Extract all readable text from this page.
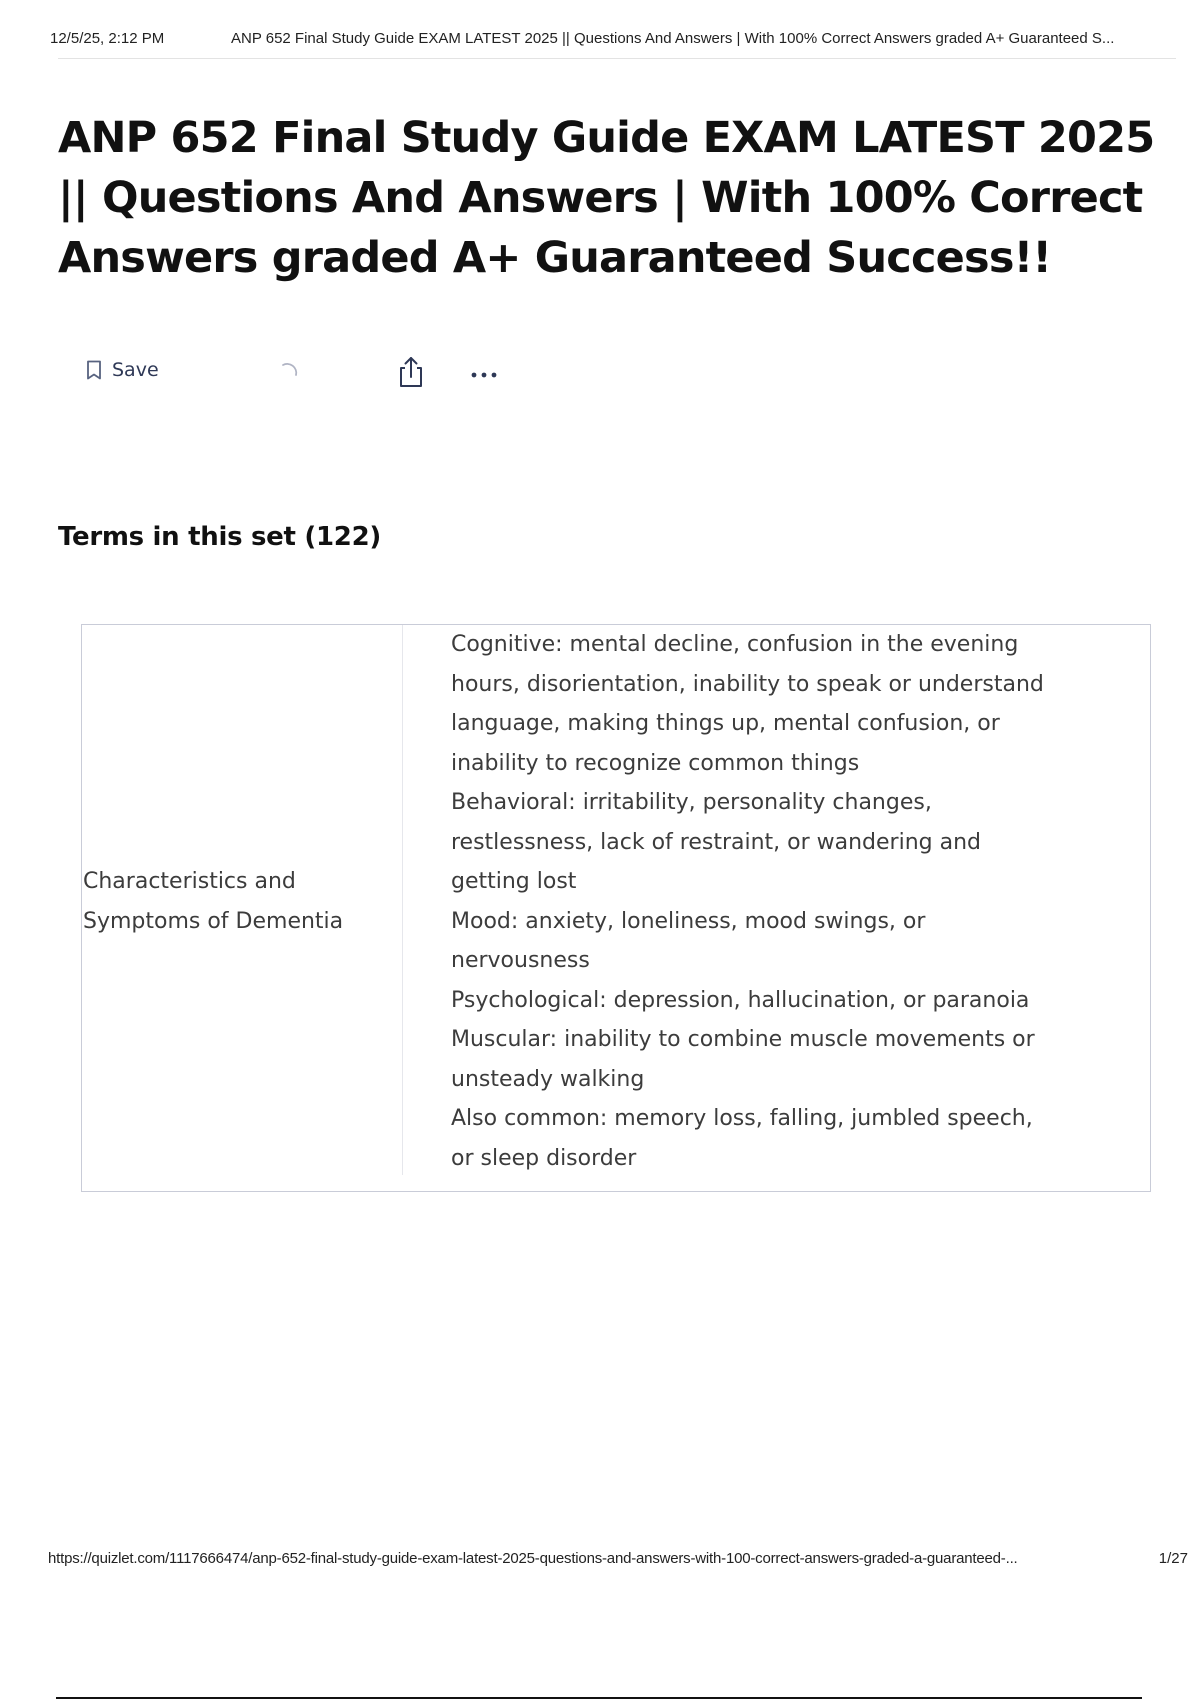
12/5/25, 2:12 PM	ANP 652 Final Study Guide EXAM LATEST 2025 || Questions And Answers | With 100% Correct Answers graded A+ Guaranteed S...
ANP 652 Final Study Guide EXAM LATEST 2025 || Questions And Answers | With 100% Correct Answers graded A+ Guaranteed Success!!
Save
Terms in this set (122)
Characteristics and Symptoms of Dementia
Cognitive: mental decline, confusion in the evening
hours, disorientation, inability to speak or understand
language, making things up, mental confusion, or
inability to recognize common things
Behavioral: irritability, personality changes,
restlessness, lack of restraint, or wandering and
getting lost
Mood: anxiety, loneliness, mood swings, or
nervousness
Psychological: depression, hallucination, or paranoia
Muscular: inability to combine muscle movements or
unsteady walking
Also common: memory loss, falling, jumbled speech,
or sleep disorder
https://quizlet.com/1117666474/anp-652-final-study-guide-exam-latest-2025-questions-and-answers-with-100-correct-answers-graded-a-guaranteed-...	1/27
